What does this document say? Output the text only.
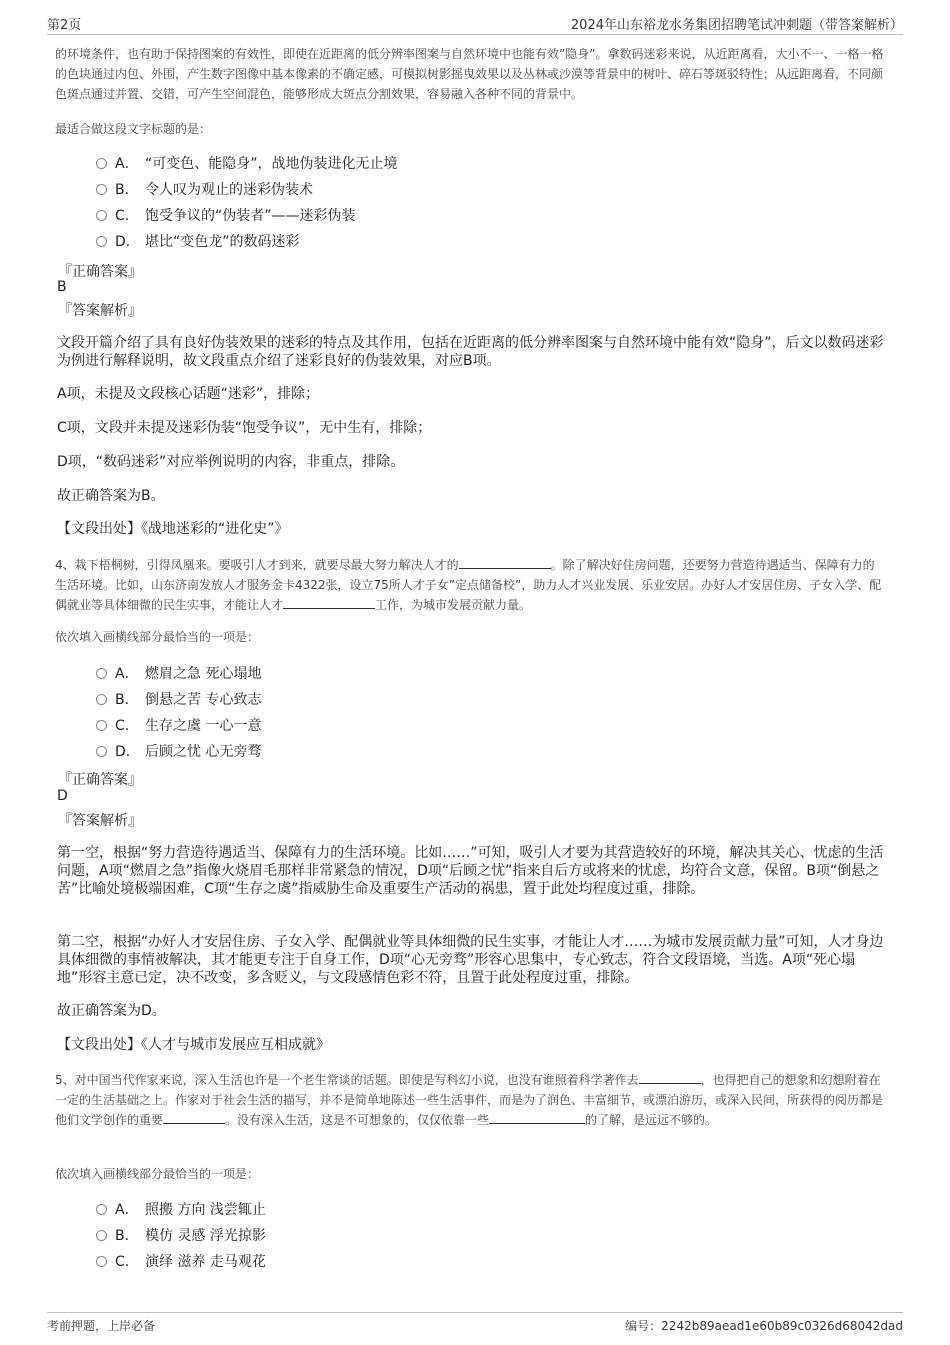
第2页	2024年山东裕龙水务集团招聘笔试冲刺题（带答案解析）

的环境条件，也有助于保持图案的有效性，即使在近距离的低分辨率图案与自然环境中也能有效”隐身”。拿数码迷彩来说，从近距离看，大小不一、一格一格的色块通过内包、外围，产生数字图像中基本像素的不确定感，可模拟树影摇曳效果以及丛林或沙漠等背景中的树叶、碎石等斑驳特性；从远距离看，不同颜色斑点通过并置、交错，可产生空间混色，能够形成大斑点分割效果，容易融入各种不同的背景中。

最适合做这段文字标题的是：

A． “可变色、能隐身”，战地伪装进化无止境
B． 令人叹为观止的迷彩伪装术
C． 饱受争议的“伪装者”——迷彩伪装
D． 堪比“变色龙”的数码迷彩
『正确答案』
B
『答案解析』

文段开篇介绍了具有良好伪装效果的迷彩的特点及其作用，包括在近距离的低分辨率图案与自然环境中能有效“隐身”，后文以数码迷彩为例进行解释说明，故文段重点介绍了迷彩良好的伪装效果，对应B项。

A项，未提及文段核心话题“迷彩”，排除；

C项，文段并未提及迷彩伪装“饱受争议”，无中生有，排除；

D项，“数码迷彩”对应举例说明的内容，非重点，排除。

故正确答案为B。

【文段出处】《战地迷彩的“进化史”》

4、栽下梧桐树，引得凤凰来。要吸引人才到来，就要尽最大努力解决人才的	。除了解决好住房问题，还要努力营造待遇适当、保障有力的生活环境。比如，山东济南发放人才服务金卡4322张，设立75所人才子女”定点储备校”，助力人才兴业发展、乐业安居。办好人才安居住房、子女入学、配偶就业等具体细微的民生实事，才能让人才	工作，为城市发展贡献力量。

依次填入画横线部分最恰当的一项是：

A． 燃眉之急 死心塌地
B． 倒悬之苦 专心致志
C． 生存之虞 一心一意
D． 后顾之忧 心无旁骛
『正确答案』
D
『答案解析』

第一空，根据“努力营造待遇适当、保障有力的生活环境。比如……”可知，吸引人才要为其营造较好的环境，解决其关心、忧虑的生活问题，A项“燃眉之急”指像火烧眉毛那样非常紧急的情况，D项“后顾之忧”指来自后方或将来的忧虑，均符合文意，保留。B项“倒悬之苦”比喻处境极端困难，C项“生存之虞”指威胁生命及重要生产活动的祸患，置于此处均程度过重，排除。

第二空，根据“办好人才安居住房、子女入学、配偶就业等具体细微的民生实事，才能让人才……为城市发展贡献力量”可知，人才身边具体细微的事情被解决，其才能更专注于自身工作，D项“心无旁骛”形容心思集中，专心致志，符合文段语境，当选。A项“死心塌地”形容主意已定，决不改变，多含贬义，与文段感情色彩不符，且置于此处程度过重，排除。

故正确答案为D。

【文段出处】《人才与城市发展应互相成就》

5、对中国当代作家来说，深入生活也许是一个老生常谈的话题。即使是写科幻小说，也没有谁照着科学著作去	，也得把自己的想象和幻想附着在一定的生活基础之上。作家对于社会生活的描写，并不是简单地陈述一些生活事件，而是为了润色、丰富细节，或漂泊游历，或深入民间，所获得的阅历都是他们文学创作的重要	。没有深入生活，这是不可想象的，仅仅依靠一些	的了解，是远远不够的。

依次填入画横线部分最恰当的一项是：

A． 照搬 方向 浅尝辄止
B． 模仿 灵感 浮光掠影
C． 演绎 滋养 走马观花
考前押题，上岸必备	编号：2242b89aead1e60b89c0326d68042dad
